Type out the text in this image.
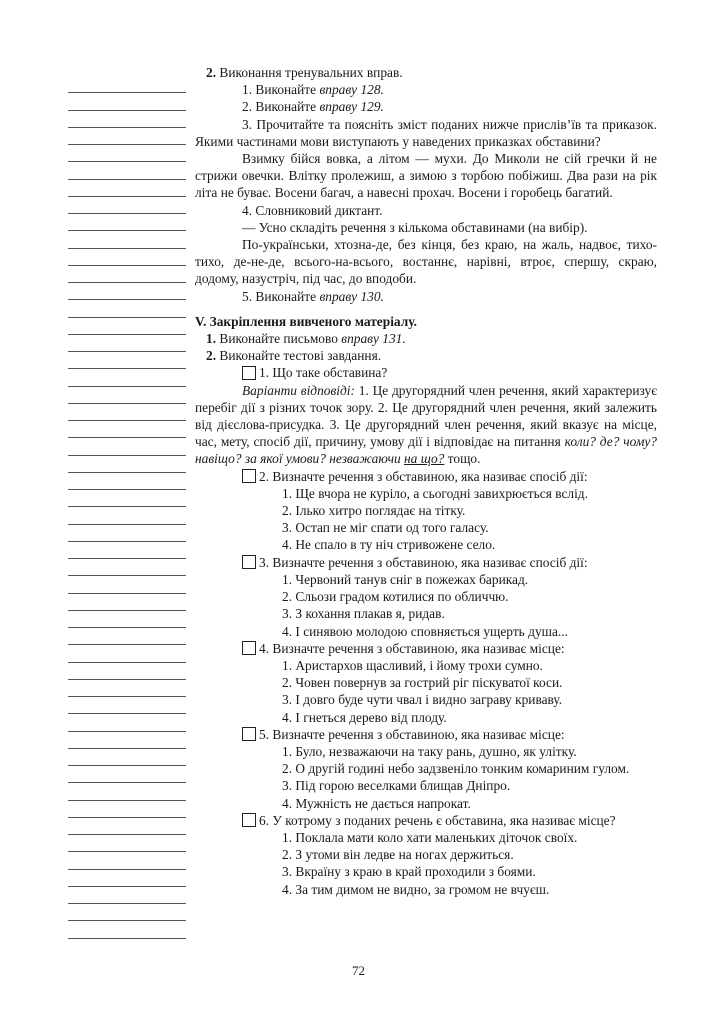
2. Виконання тренувальних вправ.

1. Виконайте вправу 128.

2. Виконайте вправу 129.

3. Прочитайте та поясніть зміст поданих нижче прислів’їв та приказок. Якими частинами мови виступають у наведених приказках обставини?

Взимку бійся вовка, а літом — мухи. До Миколи не сій гречки й не стрижи овечки. Влітку пролежиш, а зимою з торбою побіжиш. Два рази на рік літа не буває. Восени багач, а навесні прохач. Восени і горобець багатий.

4. Словниковий диктант.

— Усно складіть речення з кількома обставинами (на вибір).

По-українськи, хтозна-де, без кінця, без краю, на жаль, надвоє, тихо-тихо, де-не-де, всього-на-всього, востаннє, нарівні, втроє, спершу, скраю, додому, назустріч, під час, до вподоби.

5. Виконайте вправу 130.

V. Закріплення вивченого матеріалу.

1. Виконайте письмово вправу 131.

2. Виконайте тестові завдання.

1. Що таке обставина?

Варіанти відповіді: 1. Це другорядний член речення, який характеризує перебіг дії з різних точок зору. 2. Це другорядний член речення, який залежить від дієслова-присудка. 3. Це другорядний член речення, який вказує на місце, час, мету, спосіб дії, причину, умову дії і відповідає на питання коли? де? чому? навіщо? за якої умови? незважаючи на що? тощо.

2. Визначте речення з обставиною, яка називає спосіб дії:

1. Ще вчора не куріло, а сьогодні завихрюється вслід.

2. Ілько хитро поглядає на тітку.

3. Остап не міг спати од того галасу.

4. Не спало в ту ніч стривожене село.

3. Визначте речення з обставиною, яка називає спосіб дії:

1. Червоний танув сніг в пожежах барикад.

2. Сльози градом котилися по обличчю.

3. З кохання плакав я, ридав.

4. І синявою молодою сповняється ущерть душа...

4. Визначте речення з обставиною, яка називає місце:

1. Аристархов щасливий, і йому трохи сумно.

2. Човен повернув за гострий ріг піскуватої коси.

3. І довго буде чути чвал і видно заграву криваву.

4. І гнеться дерево від плоду.

5. Визначте речення з обставиною, яка називає місце:

1. Було, незважаючи на таку рань, душно, як улітку.

2. О другій годині небо задзвеніло тонким комариним гулом.

3. Під горою веселками блищав Дніпро.

4. Мужність не дається напрокат.

6. У котрому з поданих речень є обставина, яка називає місце?

1. Поклала мати коло хати маленьких діточок своїх.

2. З утоми він ледве на ногах держиться.

3. Вкраїну з краю в край проходили з боями.

4. За тим димом не видно, за громом не вчуєш.

72
